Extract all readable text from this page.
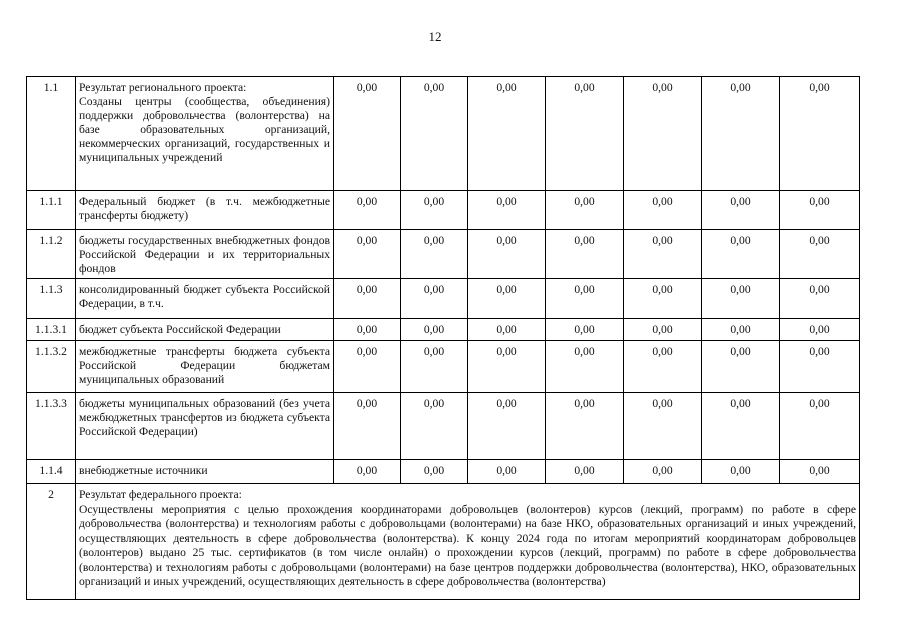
12
1.1	Результат регионального проекта:
Созданы центры (сообщества, объединения) поддержки добровольчества (волонтерства) на базе образовательных организаций, некоммерческих организаций, государственных и муниципальных учреждений	0,00	0,00	0,00	0,00	0,00	0,00	0,00
1.1.1	Федеральный бюджет (в т.ч. межбюджетные трансферты бюджету)	0,00	0,00	0,00	0,00	0,00	0,00	0,00
1.1.2	бюджеты государственных внебюджетных фондов Российской Федерации и их территориальных фондов	0,00	0,00	0,00	0,00	0,00	0,00	0,00
1.1.3	консолидированный бюджет субъекта Российской Федерации, в т.ч.	0,00	0,00	0,00	0,00	0,00	0,00	0,00
1.1.3.1	бюджет субъекта Российской Федерации	0,00	0,00	0,00	0,00	0,00	0,00	0,00
1.1.3.2	межбюджетные трансферты бюджета субъекта Российской Федерации бюджетам муниципальных образований	0,00	0,00	0,00	0,00	0,00	0,00	0,00
1.1.3.3	бюджеты муниципальных образований (без учета межбюджетных трансфертов из бюджета субъекта Российской Федерации)	0,00	0,00	0,00	0,00	0,00	0,00	0,00
1.1.4	внебюджетные источники	0,00	0,00	0,00	0,00	0,00	0,00	0,00
2	Результат федерального проекта:
Осуществлены мероприятия с целью прохождения координаторами добровольцев (волонтеров) курсов (лекций, программ) по работе в сфере добровольчества (волонтерства) и технологиям работы с добровольцами (волонтерами) на базе НКО, образовательных организаций и иных учреждений, осуществляющих деятельность в сфере добровольчества (волонтерства). К концу 2024 года по итогам мероприятий координаторам добровольцев (волонтеров) выдано 25 тыс. сертификатов (в том числе онлайн) о прохождении курсов (лекций, программ) по работе в сфере добровольчества (волонтерства) и технологиям работы с добровольцами (волонтерами) на базе центров поддержки добровольчества (волонтерства), НКО, образовательных организаций и иных учреждений, осуществляющих деятельность в сфере добровольчества (волонтерства)							
